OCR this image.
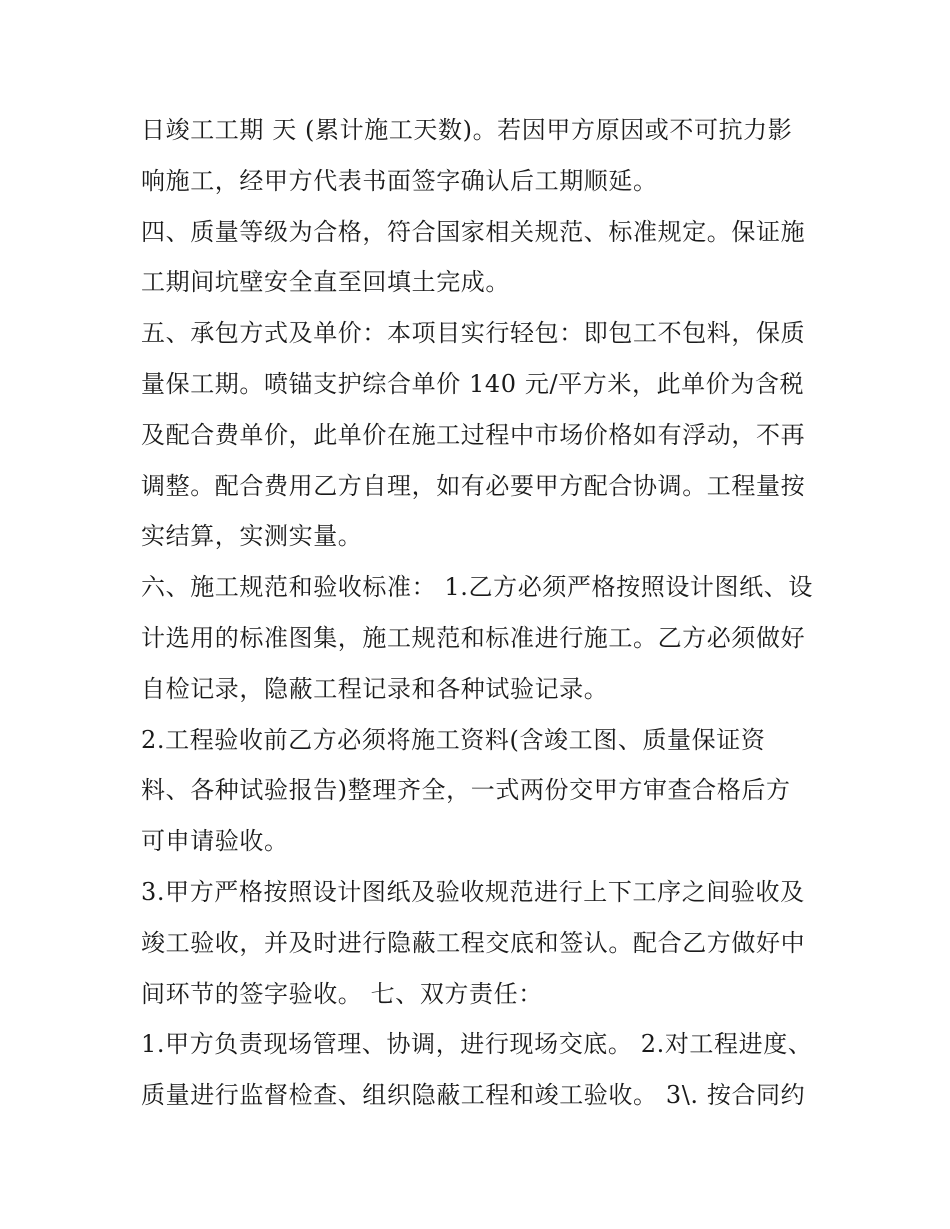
日竣工工期 天 (累计施工天数)。若因甲方原因或不可抗力影
响施工，经甲方代表书面签字确认后工期顺延。
四、质量等级为合格，符合国家相关规范、标准规定。保证施
工期间坑壁安全直至回填土完成。
五、承包方式及单价：本项目实行轻包：即包工不包料，保质
量保工期。喷锚支护综合单价 140 元/平方米，此单价为含税
及配合费单价，此单价在施工过程中市场价格如有浮动，不再
调整。配合费用乙方自理，如有必要甲方配合协调。工程量按
实结算，实测实量。
六、施工规范和验收标准： 1.乙方必须严格按照设计图纸、设
计选用的标准图集，施工规范和标准进行施工。乙方必须做好
自检记录，隐蔽工程记录和各种试验记录。
2.工程验收前乙方必须将施工资料(含竣工图、质量保证资
料、各种试验报告)整理齐全，一式两份交甲方审查合格后方
可申请验收。
3.甲方严格按照设计图纸及验收规范进行上下工序之间验收及
竣工验收，并及时进行隐蔽工程交底和签认。配合乙方做好中
间环节的签字验收。 七、双方责任：
1.甲方负责现场管理、协调，进行现场交底。 2.对工程进度、
质量进行监督检查、组织隐蔽工程和竣工验收。 3\. 按合同约
